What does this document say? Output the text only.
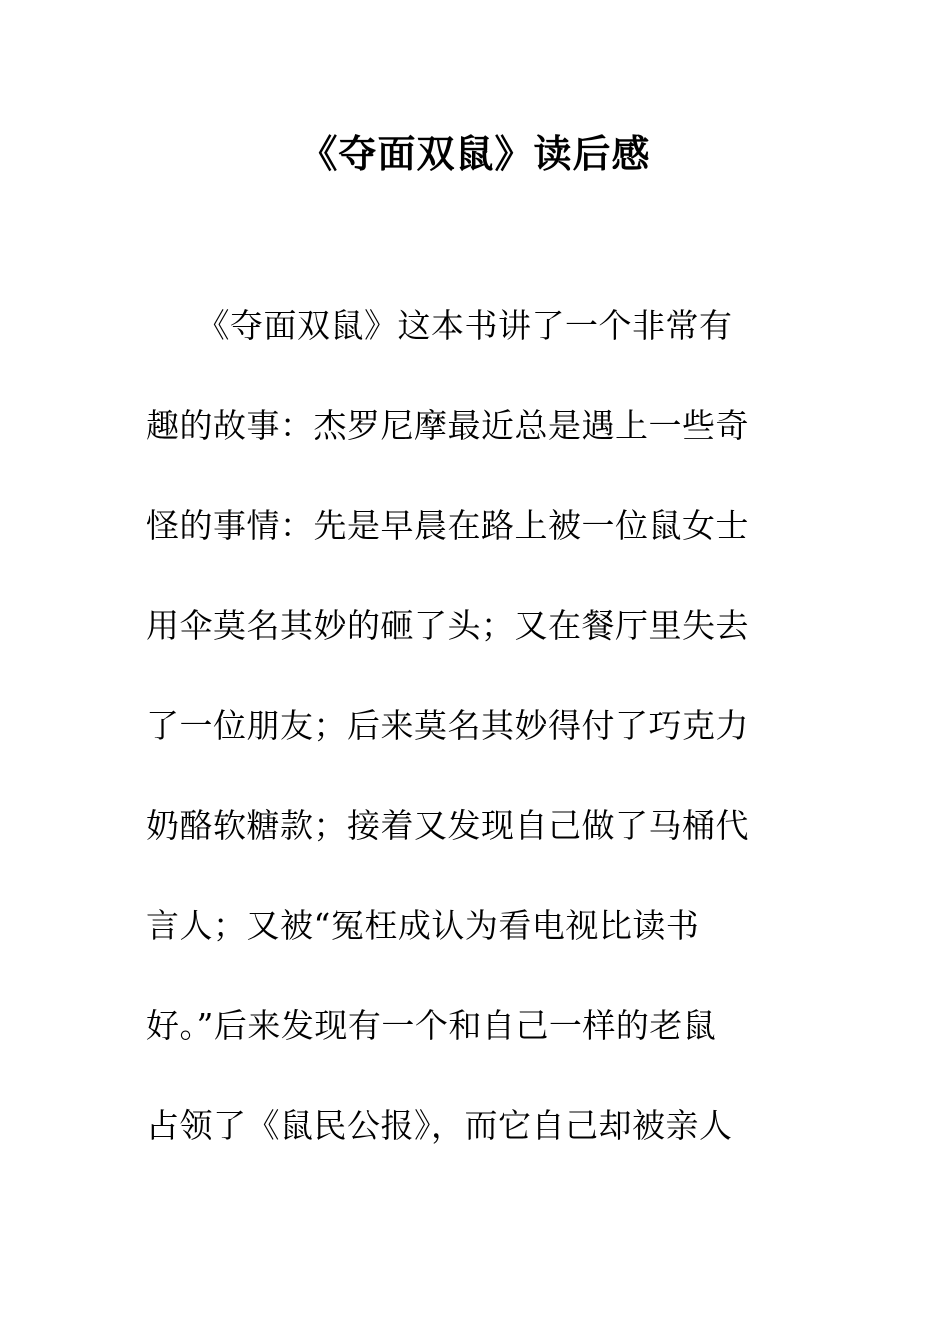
《夺面双鼠》读后感
　　《夺面双鼠》这本书讲了一个非常有
趣的故事：杰罗尼摩最近总是遇上一些奇
怪的事情：先是早晨在路上被一位鼠女士
用伞莫名其妙的砸了头；又在餐厅里失去
了一位朋友；后来莫名其妙得付了巧克力
奶酪软糖款；接着又发现自己做了马桶代
言人；又被“冤枉成认为看电视比读书
好。”后来发现有一个和自己一样的老鼠
占领了《鼠民公报》，而它自己却被亲人
